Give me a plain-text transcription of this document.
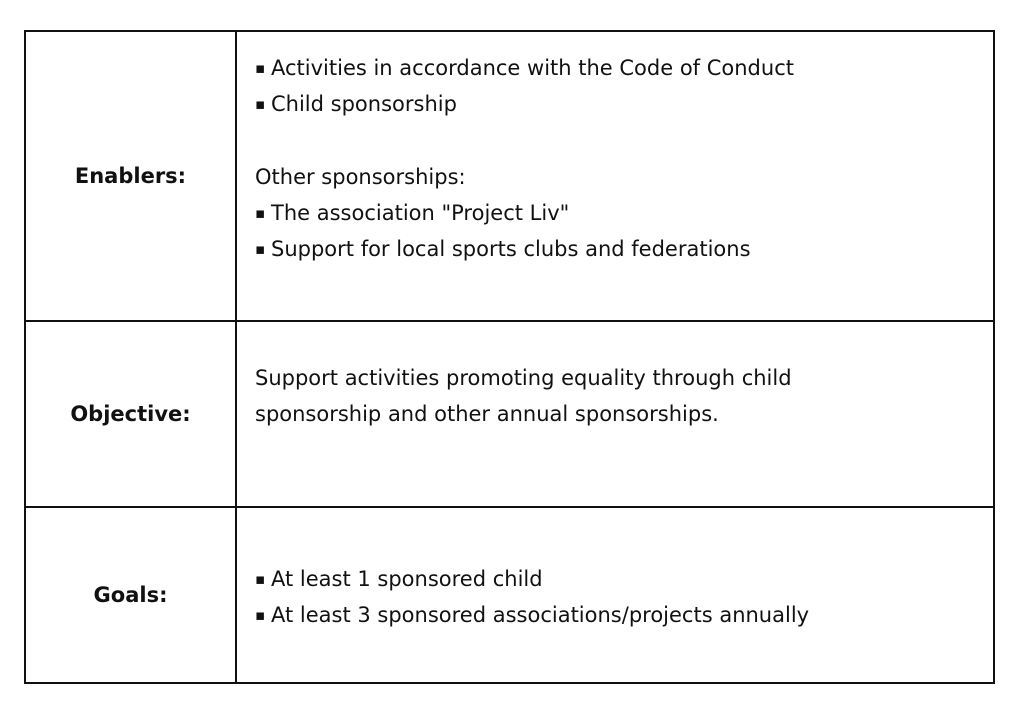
Enablers:
▪ Activities in accordance with the Code of Conduct
▪ Child sponsorship
Other sponsorships:
▪ The association "Project Liv"
▪ Support for local sports clubs and federations
Objective:
Support activities promoting equality through child
sponsorship and other annual sponsorships.
Goals:
▪ At least 1 sponsored child
▪ At least 3 sponsored associations/projects annually
